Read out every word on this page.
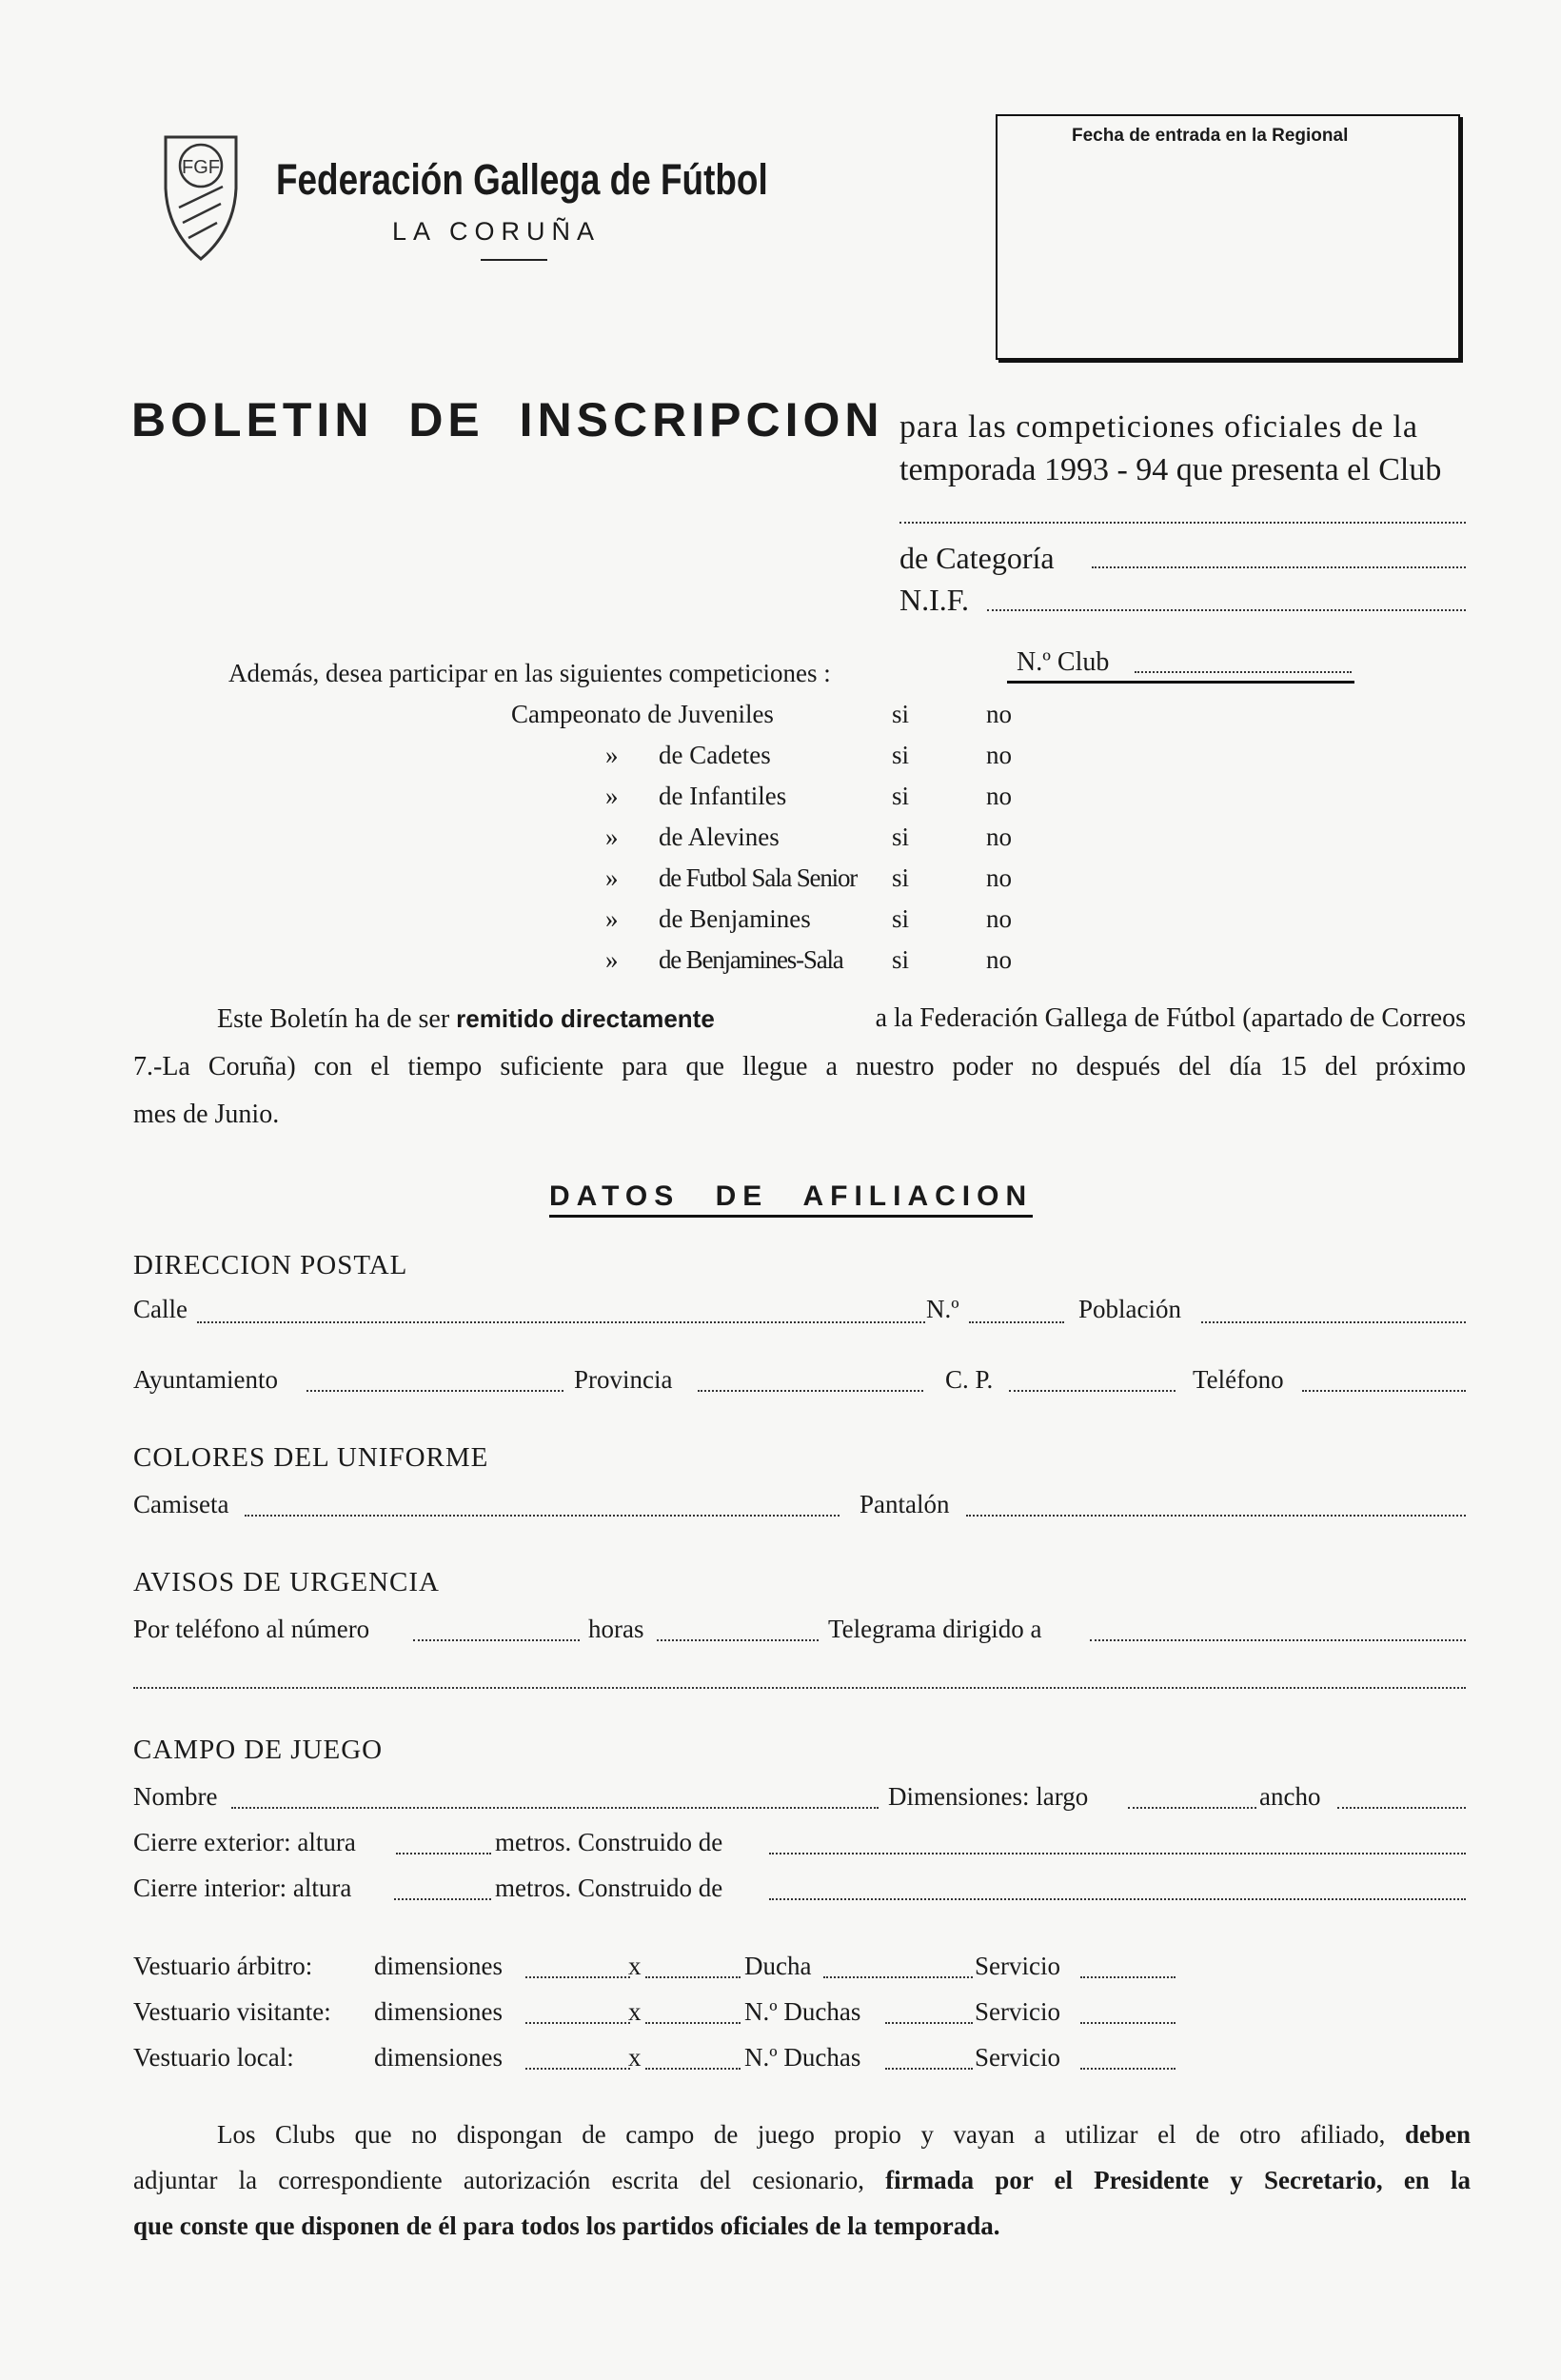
FGF Federación Gallega de Fútbol
LA CORUÑA
Fecha de entrada en la Regional
BOLETIN DE INSCRIPCION para las competiciones oficiales de la
temporada 1993 - 94 que presenta el Club
de Categoría
N.I.F.
N.º Club
Además, desea participar en las siguientes competiciones :
Campeonato de Juveniles	si	no
» de Cadetes	si	no
» de Infantiles	si	no
» de Alevines	si	no
» de Futbol Sala Senior si	no
» de Benjamines	si	no
» de Benjamines-Sala si	no
Este Boletín ha de ser remitido directamente	a la Federación Gallega de Fútbol (apartado de Correos
7.-La Coruña) con el tiempo suficiente para que llegue a nuestro poder no después del día 15 del próximo
mes de Junio.
DATOS DE AFILIACION
DIRECCION POSTAL
Calle	N.º	Población
Ayuntamiento	Provincia	C. P.	Teléfono
COLORES DEL UNIFORME
Camiseta	Pantalón
AVISOS DE URGENCIA
Por teléfono al número	horas	Telegrama dirigido a
CAMPO DE JUEGO
Nombre	Dimensiones: largo	ancho
Cierre exterior: altura	metros. Construido de
Cierre interior: altura	metros. Construido de
Vestuario árbitro: dimensiones	x	Ducha	Servicio
Vestuario visitante: dimensiones	x	N.º Duchas	Servicio
Vestuario local:	dimensiones	x	N.º Duchas	Servicio
Los Clubs que no dispongan de campo de juego propio y vayan a utilizar el de otro afiliado, deben
adjuntar la correspondiente autorización escrita del cesionario, firmada por el Presidente y Secretario, en la
que conste que disponen de él para todos los partidos oficiales de la temporada.
